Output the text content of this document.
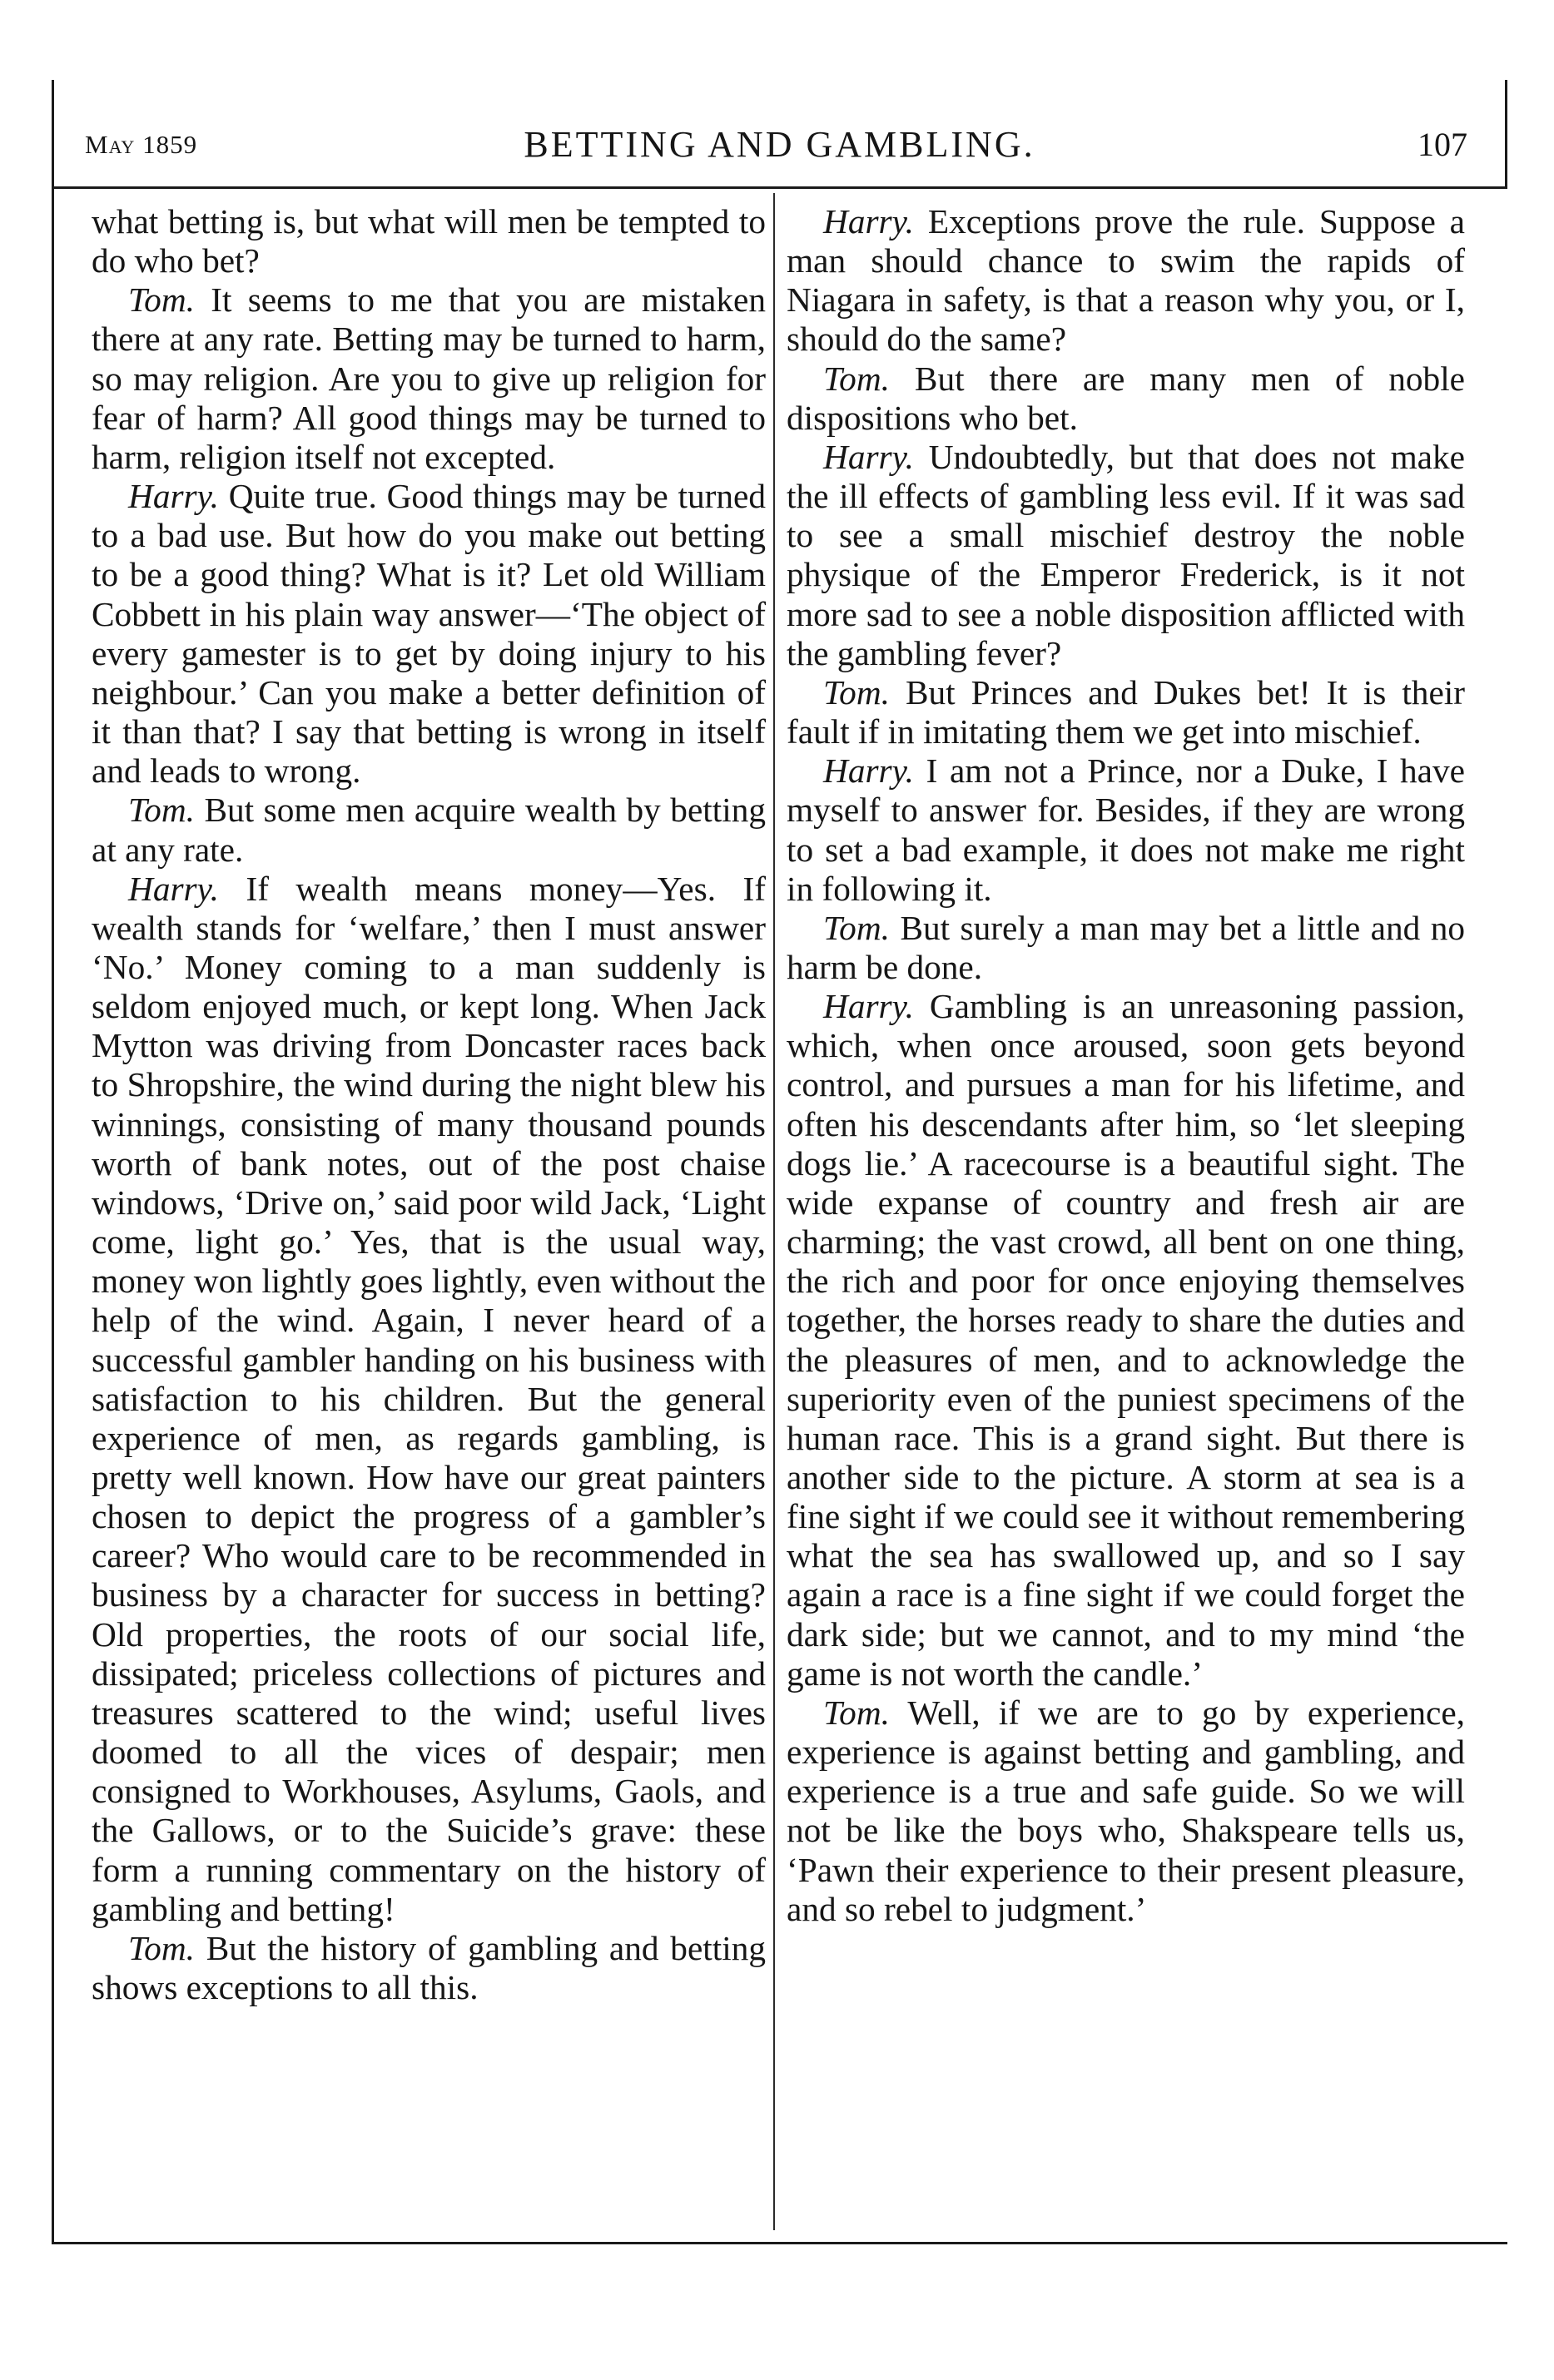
May 1859	BETTING AND GAMBLING.	107

what betting is, but what will men be tempted to do who bet?

Tom. It seems to me that you are mistaken there at any rate. Betting may be turned to harm, so may religion. Are you to give up religion for fear of harm? All good things may be turned to harm, religion itself not excepted.

Harry. Quite true. Good things may be turned to a bad use. But how do you make out betting to be a good thing? What is it? Let old William Cobbett in his plain way answer—‘The object of every gamester is to get by doing injury to his neighbour.’ Can you make a better definition of it than that? I say that betting is wrong in itself and leads to wrong.

Tom. But some men acquire wealth by betting at any rate.

Harry. If wealth means money—Yes. If wealth stands for ‘welfare,’ then I must answer ‘No.’ Money coming to a man suddenly is seldom enjoyed much, or kept long. When Jack Mytton was driving from Doncaster races back to Shropshire, the wind during the night blew his winnings, consisting of many thousand pounds worth of bank notes, out of the post chaise windows, ‘Drive on,’ said poor wild Jack, ‘Light come, light go.’ Yes, that is the usual way, money won lightly goes lightly, even without the help of the wind. Again, I never heard of a successful gambler handing on his business with satisfaction to his children. But the general experience of men, as regards gambling, is pretty well known. How have our great painters chosen to depict the progress of a gambler’s career? Who would care to be recommended in business by a character for success in betting? Old properties, the roots of our social life, dissipated; priceless collections of pictures and treasures scattered to the wind; useful lives doomed to all the vices of despair; men consigned to Workhouses, Asylums, Gaols, and the Gallows, or to the Suicide’s grave: these form a running commentary on the history of gambling and betting!

Tom. But the history of gambling and betting shows exceptions to all this.

Harry. Exceptions prove the rule. Suppose a man should chance to swim the rapids of Niagara in safety, is that a reason why you, or I, should do the same?

Tom. But there are many men of noble dispositions who bet.

Harry. Undoubtedly, but that does not make the ill effects of gambling less evil. If it was sad to see a small mischief destroy the noble physique of the Emperor Frederick, is it not more sad to see a noble disposition afflicted with the gambling fever?

Tom. But Princes and Dukes bet! It is their fault if in imitating them we get into mischief.

Harry. I am not a Prince, nor a Duke, I have myself to answer for. Besides, if they are wrong to set a bad example, it does not make me right in following it.

Tom. But surely a man may bet a little and no harm be done.

Harry. Gambling is an unreasoning passion, which, when once aroused, soon gets beyond control, and pursues a man for his lifetime, and often his descendants after him, so ‘let sleeping dogs lie.’ A racecourse is a beautiful sight. The wide expanse of country and fresh air are charming; the vast crowd, all bent on one thing, the rich and poor for once enjoying themselves together, the horses ready to share the duties and the pleasures of men, and to acknowledge the superiority even of the puniest specimens of the human race. This is a grand sight. But there is another side to the picture. A storm at sea is a fine sight if we could see it without remembering what the sea has swallowed up, and so I say again a race is a fine sight if we could forget the dark side; but we cannot, and to my mind ‘the game is not worth the candle.’

Tom. Well, if we are to go by experience, experience is against betting and gambling, and experience is a true and safe guide. So we will not be like the boys who, Shakspeare tells us, ‘Pawn their experience to their present pleasure, and so rebel to judgment.’
